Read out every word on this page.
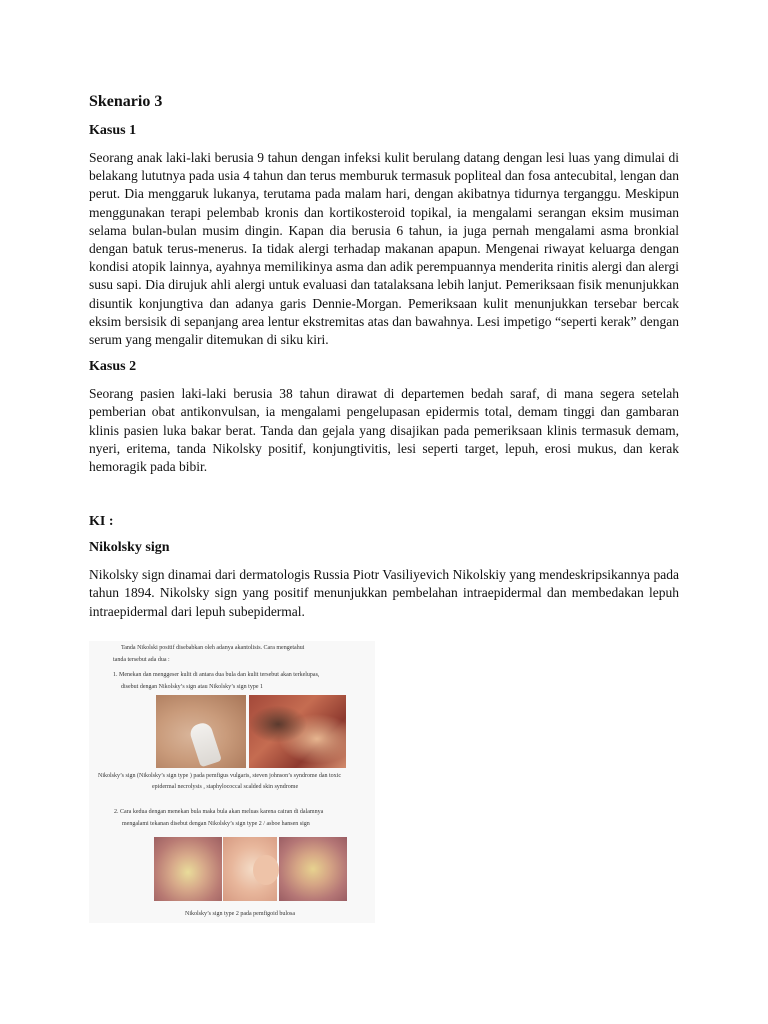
Skenario 3
Kasus 1

Seorang anak laki-laki berusia 9 tahun dengan infeksi kulit berulang datang dengan lesi luas yang dimulai di belakang lututnya pada usia 4 tahun dan terus memburuk termasuk popliteal dan fosa antecubital, lengan dan perut. Dia menggaruk lukanya, terutama pada malam hari, dengan akibatnya tidurnya terganggu. Meskipun menggunakan terapi pelembab kronis dan kortikosteroid topikal, ia mengalami serangan eksim musiman selama bulan-bulan musim dingin. Kapan dia berusia 6 tahun, ia juga pernah mengalami asma bronkial dengan batuk terus-menerus. Ia tidak alergi terhadap makanan apapun. Mengenai riwayat keluarga dengan kondisi atopik lainnya, ayahnya memilikinya asma dan adik perempuannya menderita rinitis alergi dan alergi susu sapi. Dia dirujuk ahli alergi untuk evaluasi dan tatalaksana lebih lanjut. Pemeriksaan fisik menunjukkan disuntik konjungtiva dan adanya garis Dennie-Morgan. Pemeriksaan kulit menunjukkan tersebar bercak eksim bersisik di sepanjang area lentur ekstremitas atas dan bawahnya. Lesi impetigo “seperti kerak” dengan serum yang mengalir ditemukan di siku kiri.

Kasus 2

Seorang pasien laki-laki berusia 38 tahun dirawat di departemen bedah saraf, di mana segera setelah pemberian obat antikonvulsan, ia mengalami pengelupasan epidermis total, demam tinggi dan gambaran klinis pasien luka bakar berat. Tanda dan gejala yang disajikan pada pemeriksaan klinis termasuk demam, nyeri, eritema, tanda Nikolsky positif, konjungtivitis, lesi seperti target, lepuh, erosi mukus, dan kerak hemoragik pada bibir.

KI :
Nikolsky sign

Nikolsky sign dinamai dari dermatologis Russia Piotr Vasiliyevich Nikolskiy yang mendeskripsikannya pada tahun 1894. Nikolsky sign yang positif menunjukkan pembelahan intraepidermal dan membedakan lepuh intraepidermal dari lepuh subepidermal.

Tanda Nikolski positif disebabkan oleh adanya akantolisis. Cara mengetahui
tanda tersebut ada dua :
1. Menekan dan menggeser kulit di antara dua bula dan kulit tersebut akan terkelupas,
disebut dengan Nikolsky’s sign atau Nikolsky’s sign type 1
Nikolsky’s sign (Nikolsky’s sign type ) pada pemfigus vulgaris, steven johnson’s syndrome dan toxic
epidermal necrolysis , staphylococcal scalded skin syndrome
2. Cara kedua dengan menekan bula maka bula akan meluas karena cairan di dalamnya
mengalami tekanan disebut dengan Nikolsky’s sign type 2 / asboe hansen sign
Nikolsky’s sign type 2 pada pemfigoid bulosa
